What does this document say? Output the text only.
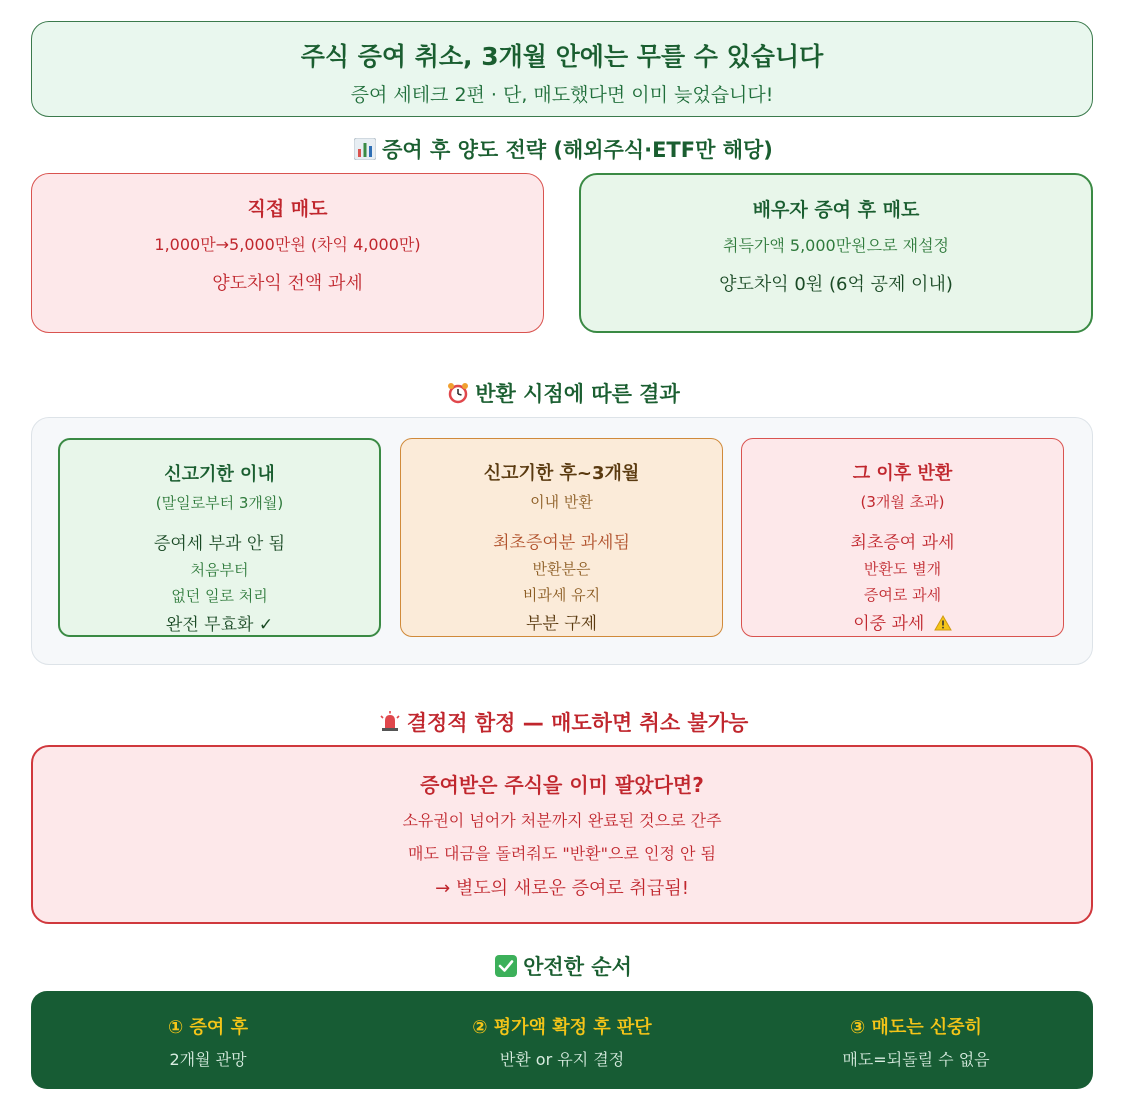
주식 증여 취소, 3개월 안에는 무를 수 있습니다
증여 세테크 2편 · 단, 매도했다면 이미 늦었습니다!
증여 후 양도 전략 (해외주식·ETF만 해당)
직접 매도
1,000만→5,000만원 (차익 4,000만)
양도차익 전액 과세
배우자 증여 후 매도
취득가액 5,000만원으로 재설정
양도차익 0원 (6억 공제 이내)
반환 시점에 따른 결과
신고기한 이내
(말일로부터 3개월)
증여세 부과 안 됨
처음부터
없던 일로 처리
완전 무효화 ✓
신고기한 후~3개월
이내 반환
최초증여분 과세됨
반환분은
비과세 유지
부분 구제
그 이후 반환
(3개월 초과)
최초증여 과세
반환도 별개
증여로 과세
이중 과세
결정적 함정 — 매도하면 취소 불가능
증여받은 주식을 이미 팔았다면?
소유권이 넘어가 처분까지 완료된 것으로 간주
매도 대금을 돌려줘도 "반환"으로 인정 안 됨
→ 별도의 새로운 증여로 취급됨!
안전한 순서
① 증여 후
2개월 관망
② 평가액 확정 후 판단
반환 or 유지 결정
③ 매도는 신중히
매도=되돌릴 수 없음
